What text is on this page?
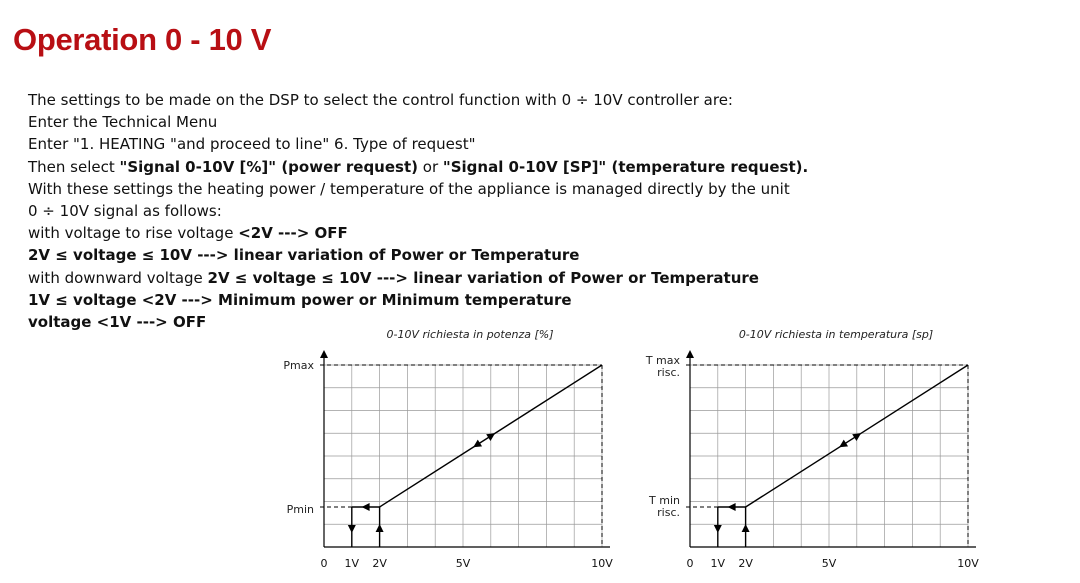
Operation 0 - 10 V
The settings to be made on the DSP to select the control function with 0 ÷ 10V controller are:
Enter the Technical Menu
Enter "1. HEATING "and proceed to line" 6. Type of request"
Then select "Signal 0-10V [%]" (power request) or "Signal 0-10V [SP]" (temperature request).
With these settings the heating power / temperature of the appliance is managed directly by the unit
0 ÷ 10V signal as follows:
with voltage to rise voltage <2V ---> OFF
2V ≤ voltage ≤ 10V ---> linear variation of Power or Temperature
with downward voltage 2V ≤ voltage ≤ 10V ---> linear variation of Power or Temperature
1V ≤ voltage <2V ---> Minimum power or Minimum temperature
voltage <1V ---> OFF
0-10V richiesta in potenza [%]
Pmax
Pmin
0 1V 2V	5V	10V
0-10V richiesta in temperatura [sp]
T max
risc.
T min
risc.
0 1V 2V	5V	10V
